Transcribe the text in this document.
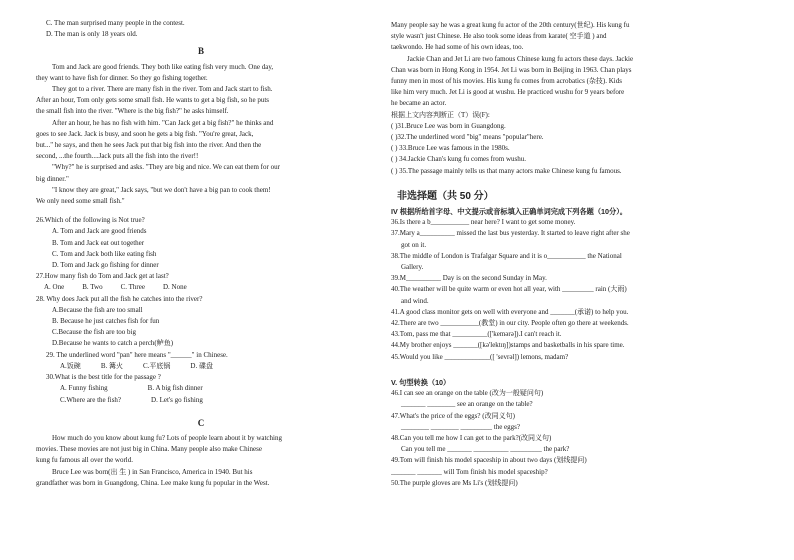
C. The man surprised many people in the contest.
D. The man is only 18 years old.
B
Tom and Jack are good friends. They both like eating fish very much. One day,
they want to have fish for dinner. So they go fishing together.
They got to a river. There are many fish in the river. Tom and Jack start to fish.
After an hour, Tom only gets some small fish. He wants to get a big fish, so he puts
the small fish into the river. "Where is the big fish?" he asks himself.
After an hour, he has no fish with him. "Can Jack get a big fish?" he thinks and
goes to see Jack. Jack is busy, and soon he gets a big fish. "You're great, Jack,
but..." he says, and then he sees Jack put that big fish into the river. And then the
second, ...the fourth....Jack puts all the fish into the river!!
"Why?" he is surprised and asks. "They are big and nice. We can eat them for our
big dinner."
"I know they are great," Jack says, "but we don't have a big pan to cook them!
We only need some small fish."
26.Which of the following is Not true?
A. Tom and Jack are good friends
B. Tom and Jack eat out together
C. Tom and Jack both like eating fish
D. Tom and Jack go fishing for dinner
27.How many fish do Tom and Jack get at last?
A. One	B. Two	C. Three	D. None
28. Why does Jack put all the fish he catches into the river?
A.Because the fish are too small
B. Because he just catches fish for fun
C.Because the fish are too big
D.Because he wants to catch a perch(鲈鱼)
29. The underlined word "pan" here means "______" in Chinese.
A.饭碗	B. 篝火	C.平底锅	D. 碟盘
30.What is the best title for the passage ?
A. Funny fishing	B. A big fish dinner
C.Where are the fish?	D. Let's go fishing
C
How much do you know about kung fu? Lots of people learn about it by watching
movies. These movies are not just big in China. Many people also make Chinese
kung fu famous all over the world.
Bruce Lee was born(出 生 ) in San Francisco, America in 1940. But his
grandfather was born in Guangdong, China. Lee make kung fu popular in the West.
Many people say he was a great kung fu actor of the 20th century(世纪). His kung fu
style wasn't just Chinese. He also took some ideas from karate( 空手道 ) and
taekwondo. He had some of his own ideas, too.
Jackie Chan and Jet Li are two famous Chinese kung fu actors these days. Jackie
Chan was born in Hong Kong in 1954. Jet Li was born in Beijing in 1963. Chan plays
funny men in most of his movies. His kung fu comes from acrobatics (杂技). Kids
like him very much. Jet Li is good at wushu. He practiced wushu for 9 years before
he became an actor.
根据上文内容判断正（T）误(F):
( )31.Bruce Lee was born in Guangdong.
( )32.The underlined word "big" means "popular"here.
( ) 33.Bruce Lee was famous in the 1980s.
( ) 34.Jackie Chan's kung fu comes from wushu.
( ) 35.The passage mainly tells us that many actors make Chinese kung fu famous.
非选择题（共 50 分）
IV 根据所给首字母、中文提示或音标填入正确单词完成下列各题（10分）。
36.Is there a b___________ near here? I want to get some money.
37.Mary a__________ missed the last bus yesterday. It started to leave right after she
got on it.
38.The middle of London is Trafalgar Square and it is o___________ the National
Gallery.
39.M__________ Day is on the second Sunday in May.
40.The weather will be quite warm or even hot all year, with _________ rain (大雨)
and wind.
41.A good class monitor gets on well with everyone and _______(承诺) to help you.
42.There are two ___________(教堂) in our city. People often go there at weekends.
43.Tom, pass me that __________(['kemərə]).I can't reach it.
44.My brother enjoys _______([kə'lektɪŋ])stamps and basketballs in his spare time.
45.Would you like _____________([ 'sevrəl]) lemons, madam?
V. 句型转换（10）
46.I can see an orange on the table (改为一般疑问句)
_______ ________ see an orange on the table?
47.What's the price of the eggs? (改同义句)
________ ________ _________ the eggs?
48.Can you tell me how I can get to the park?(改同义句)
Can you tell me _______ __________ _________ the park?
49.Tom will finish his model spaceship in about two days (划线提问)
_______ _______ will Tom finish his model spaceship?
50.The purple gloves are Ms Li's (划线提问)
